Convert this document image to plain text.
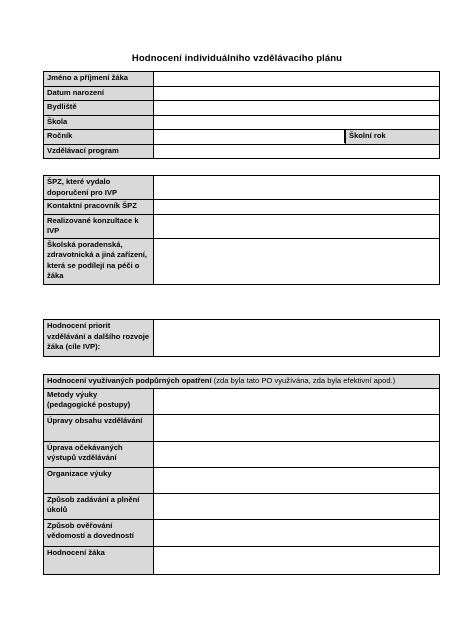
Hodnocení individuálního vzdělávacího plánu
Jméno a příjmení žáka		
Datum narození		
Bydliště		
Škola		
Ročník		Školní rok
Vzdělávací program		
ŠPZ, které vydalo doporučení pro IVP	
Kontaktní pracovník ŠPZ	
Realizované konzultace k IVP	
Školská poradenská, zdravotnická a jiná zařízení, která se podílejí na péči o žáka	
Hodnocení priorit vzdělávání a dalšího rozvoje žáka (cíle IVP):	
Hodnocení využívaných podpůrných opatření (zda byla tato PO využívána, zda byla efektivní apod.)	
Metody výuky
(pedagogické postupy)	
Úpravy obsahu vzdělávání	
Úprava očekávaných výstupů vzdělávání	
Organizace výuky	
Způsob zadávání a plnění úkolů	
Způsob ověřování vědomostí a dovedností	
Hodnocení žáka	
